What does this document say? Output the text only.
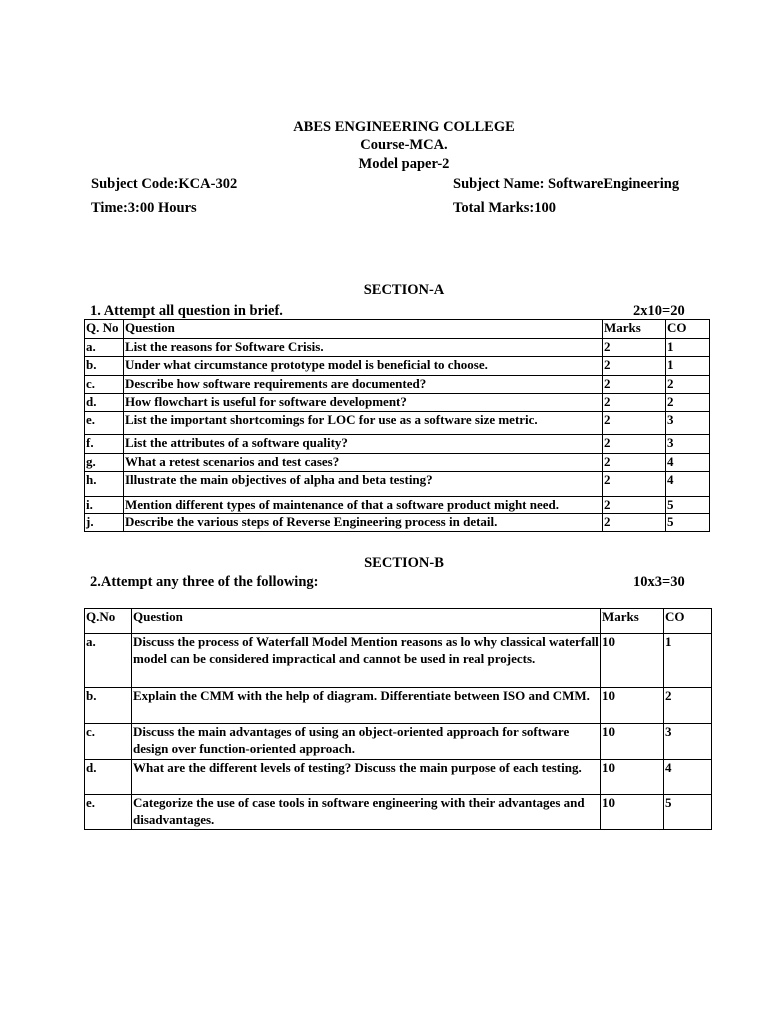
ABES ENGINEERING COLLEGE
Course-MCA.
Model paper-2
Subject Code:KCA-302	Subject Name: SoftwareEngineering
Time:3:00 Hours	Total Marks:100
SECTION-A
1. Attempt all question in brief.	2x10=20
Q. No	Question	Marks	CO
a.	List the reasons for Software Crisis.	2	1
b.	Under what circumstance prototype model is beneficial to choose.	2	1
c.	Describe how software requirements are documented?	2	2
d.	How flowchart is useful for software development?	2	2
e.	List the important shortcomings for LOC for use as a software size metric.	2	3
f.	List the attributes of a software quality?	2	3
g.	What a retest scenarios and test cases?	2	4
h.	Illustrate the main objectives of alpha and beta testing?	2	4
i.	Mention different types of maintenance of that a software product might need.	2	5
j.	Describe the various steps of Reverse Engineering process in detail.	2	5
SECTION-B
2.Attempt any three of the following:	10x3=30
Q.No	Question	Marks	CO
a.	Discuss the process of Waterfall Model Mention reasons as lo why classical waterfall model can be considered impractical and cannot be used in real projects.	10	1
b.	Explain the CMM with the help of diagram. Differentiate between ISO and CMM.	10	2
c.	Discuss the main advantages of using an object-oriented approach for software design over function-oriented approach.	10	3
d.	What are the different levels of testing? Discuss the main purpose of each testing.	10	4
e.	Categorize the use of case tools in software engineering with their advantages and disadvantages.	10	5
